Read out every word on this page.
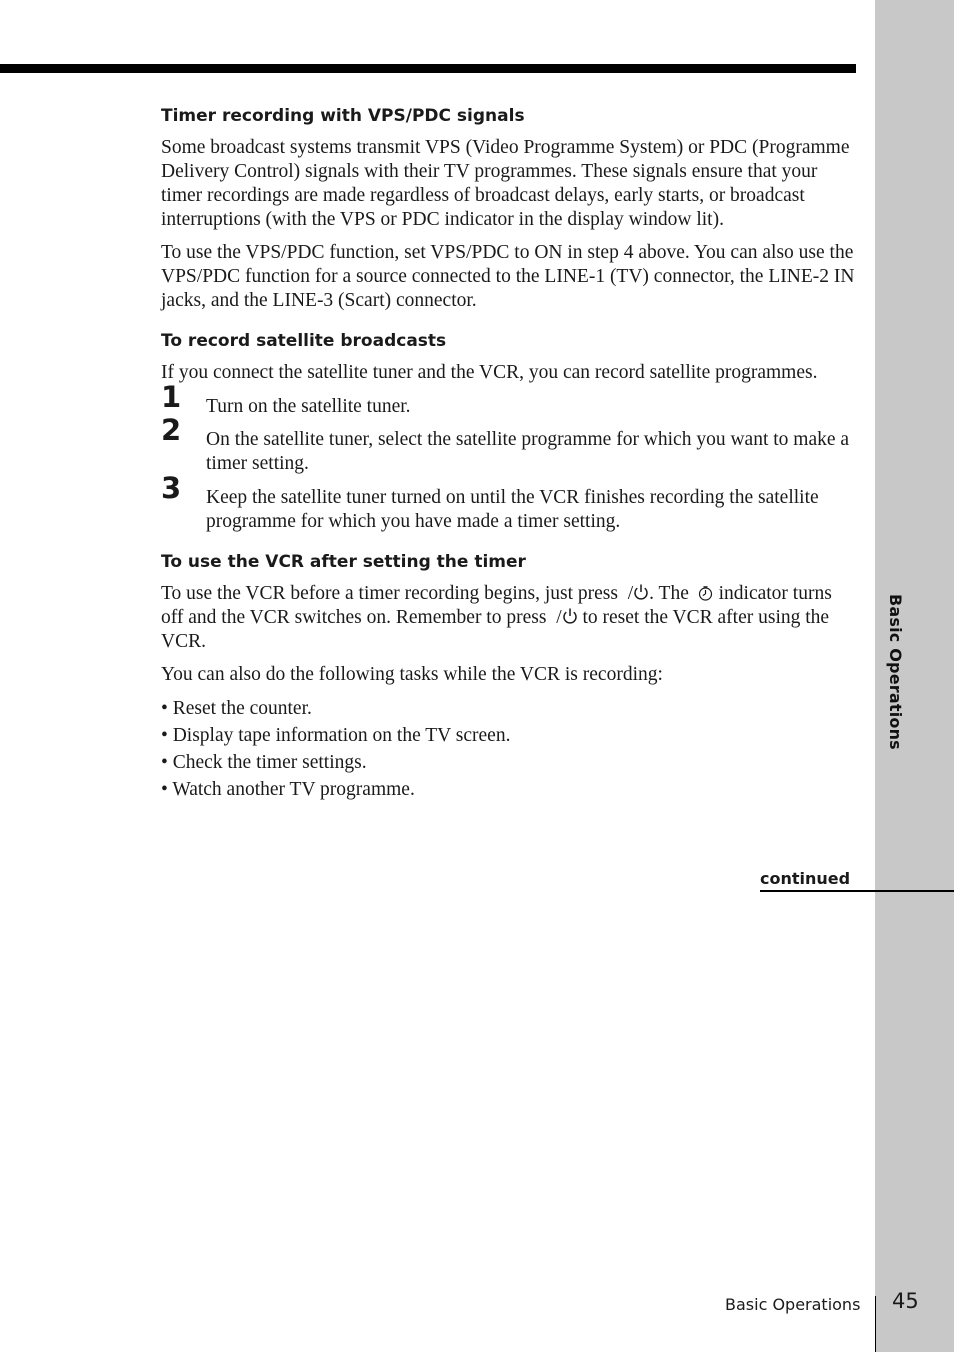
Basic Operations
Timer recording with VPS/PDC signals

Some broadcast systems transmit VPS (Video Programme System) or PDC (Programme Delivery Control) signals with their TV programmes. These signals ensure that your timer recordings are made regardless of broadcast delays, early starts, or broadcast interruptions (with the VPS or PDC indicator in the display window lit).

To use the VPS/PDC function, set VPS/PDC to ON in step 4 above. You can also use the VPS/PDC function for a source connected to the LINE-1 (TV) connector, the LINE-2 IN jacks, and the LINE-3 (Scart) connector.

To record satellite broadcasts

If you connect the satellite tuner and the VCR, you can record satellite programmes.

1 Turn on the satellite tuner.

2 On the satellite tuner, select the satellite programme for which you want to make a timer setting.

3 Keep the satellite tuner turned on until the VCR finishes recording the satellite programme for which you have made a timer setting.

To use the VCR after setting the timer

To use the VCR before a timer recording begins, just press  / . The indicator turns off and the VCR switches on. Remember to press  / to reset the VCR after using the VCR.

You can also do the following tasks while the VCR is recording:

• Reset the counter.
• Display tape information on the TV screen.
• Check the timer settings.
• Watch another TV programme.
continued
Basic Operations 45
